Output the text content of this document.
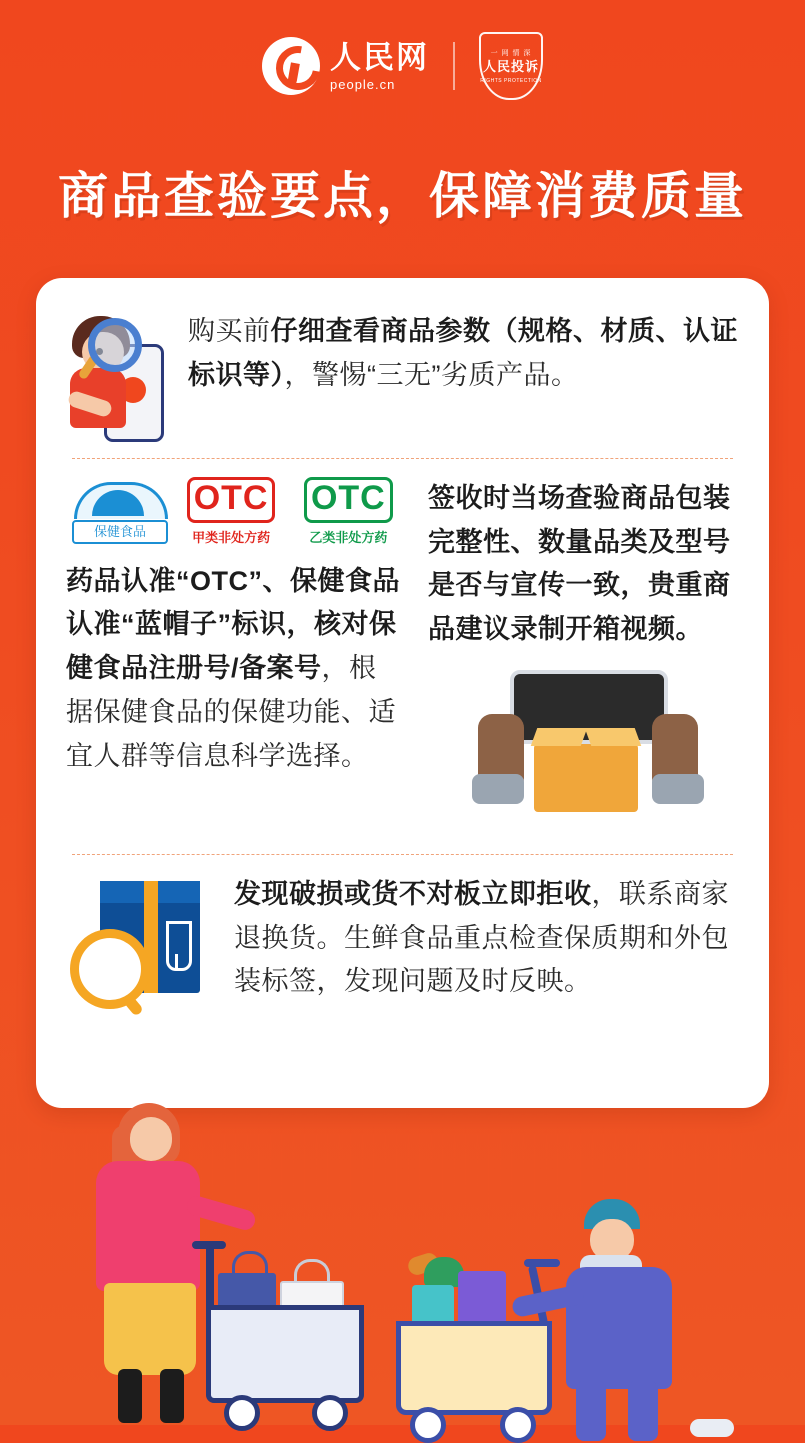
人民网
people.cn
一 网 情 深
人民投诉
RIGHTS PROTECTION
商品查验要点，保障消费质量
购买前仔细查看商品参数（规格、材质、认证标识等），警惕“三无”劣质产品。
保健食品
OTC
甲类非处方药
OTC
乙类非处方药
药品认准“OTC”、保健食品认准“蓝帽子”标识，核对保健食品注册号/备案号，根据保健食品的保健功能、适宜人群等信息科学选择。
签收时当场查验商品包装完整性、数量品类及型号是否与宣传一致，贵重商品建议录制开箱视频。
发现破损或货不对板立即拒收，联系商家退换货。生鲜食品重点检查保质期和外包装标签，发现问题及时反映。
